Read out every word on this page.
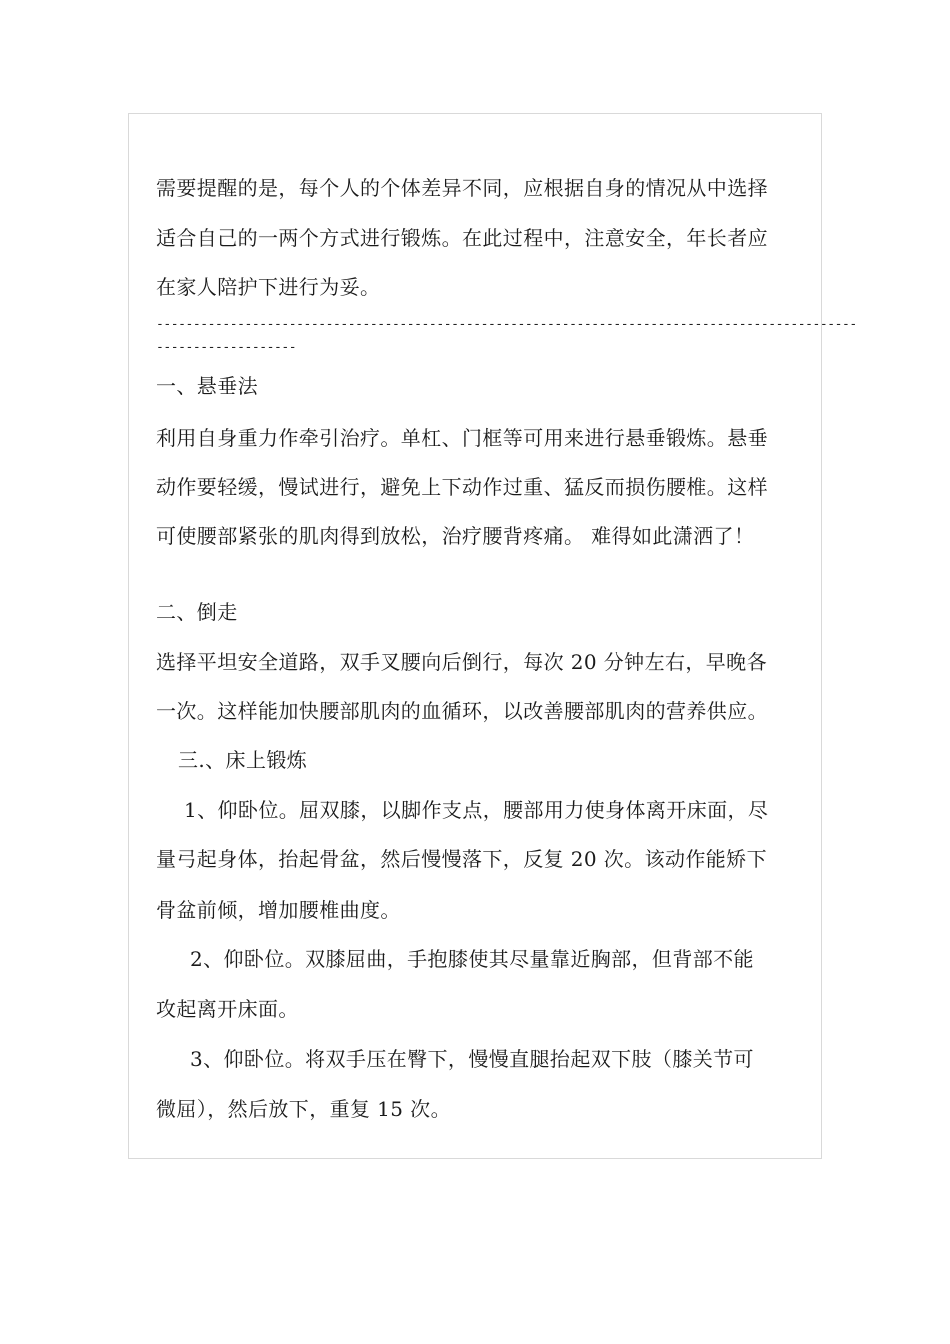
需要提醒的是，每个人的个体差异不同，应根据自身的情况从中选择
适合自己的一两个方式进行锻炼。在此过程中，注意安全，年长者应
在家人陪护下进行为妥。
-----------------------------------------------------------------------------------------------
-------------------
一、悬垂法
利用自身重力作牵引治疗。单杠、门框等可用来进行悬垂锻炼。悬垂
动作要轻缓，慢试进行，避免上下动作过重、猛反而损伤腰椎。这样
可使腰部紧张的肌肉得到放松，治疗腰背疼痛。 难得如此潇洒了！
二、倒走
选择平坦安全道路，双手叉腰向后倒行，每次 20 分钟左右，早晚各
一次。这样能加快腰部肌肉的血循环，以改善腰部肌肉的营养供应。
三.、床上锻炼
1、仰卧位。屈双膝，以脚作支点，腰部用力使身体离开床面，尽
量弓起身体，抬起骨盆，然后慢慢落下，反复 20 次。该动作能矫下
骨盆前倾，增加腰椎曲度。
2、仰卧位。双膝屈曲，手抱膝使其尽量靠近胸部，但背部不能
攻起离开床面。
3、仰卧位。将双手压在臀下，慢慢直腿抬起双下肢（膝关节可
微屈），然后放下，重复 15 次。
